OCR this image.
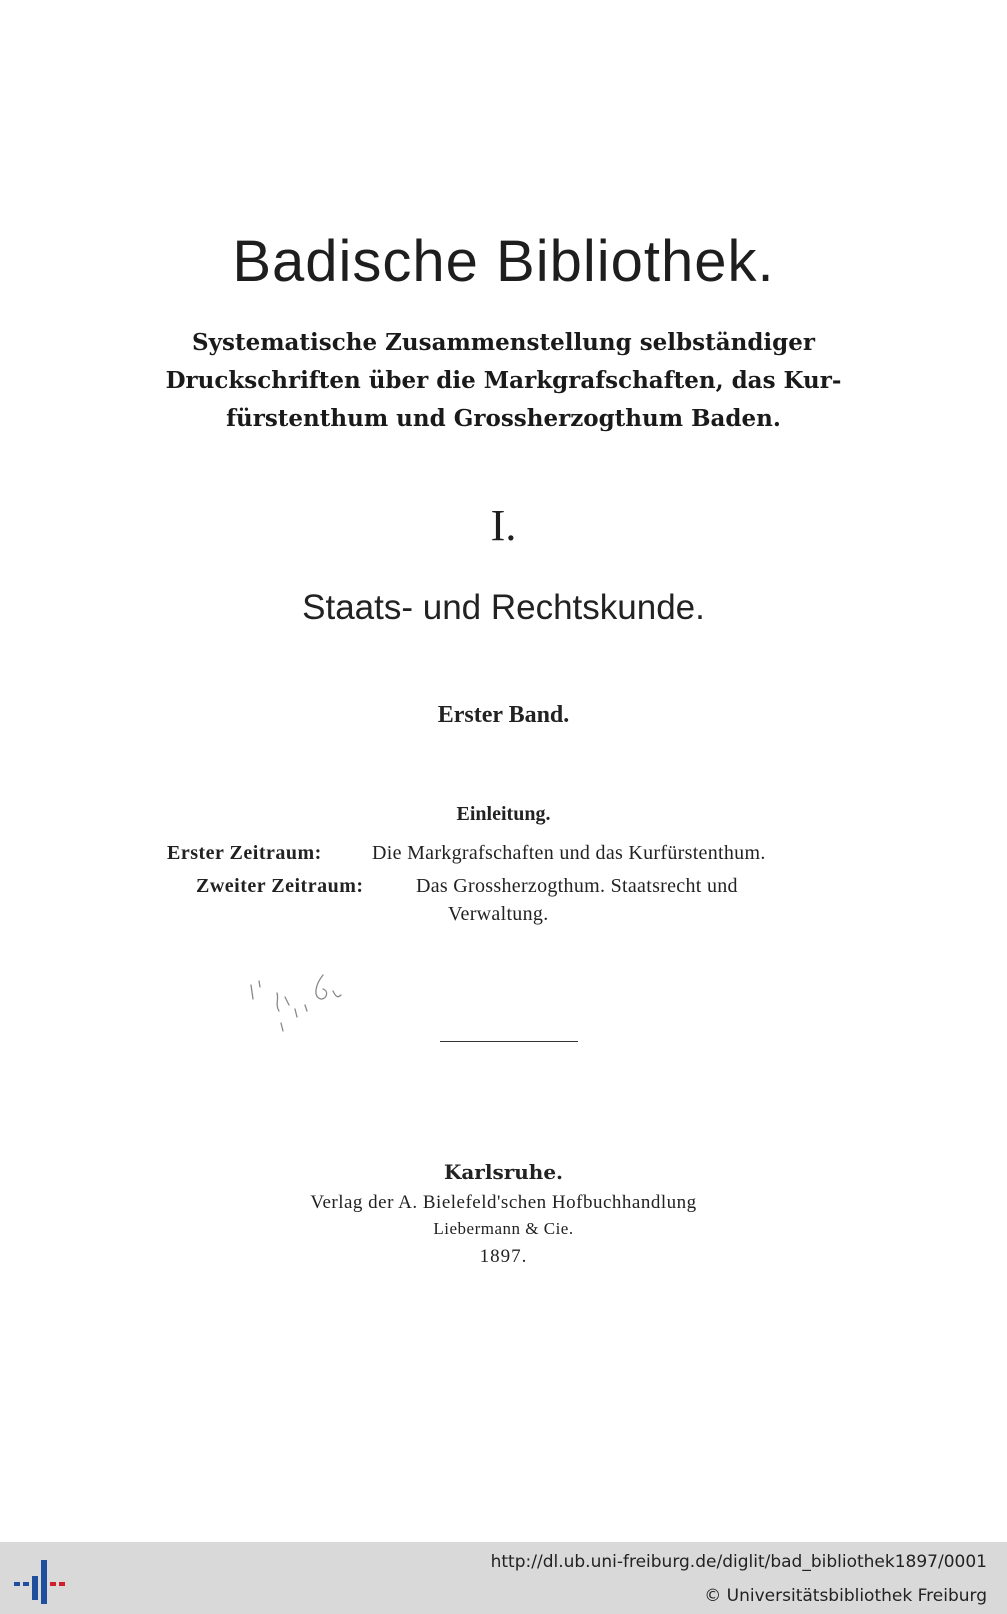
Badische Bibliothek.
Systematische Zusammenstellung selbständiger
Druckschriften über die Markgrafschaften, das Kur-
fürstenthum und Grossherzogthum Baden.
I.
Staats- und Rechtskunde.
Erster Band.
Einleitung.
Erster Zeitraum:	Die Markgrafschaften und das Kurfürstenthum.
Zweiter Zeitraum:	Das Grossherzogthum. Staatsrecht und
Verwaltung.
Karlsruhe.
Verlag der A. Bielefeld'schen Hofbuchhandlung
Liebermann & Cie.
1897.
http://dl.ub.uni-freiburg.de/diglit/bad_bibliothek1897/0001
© Universitätsbibliothek Freiburg
